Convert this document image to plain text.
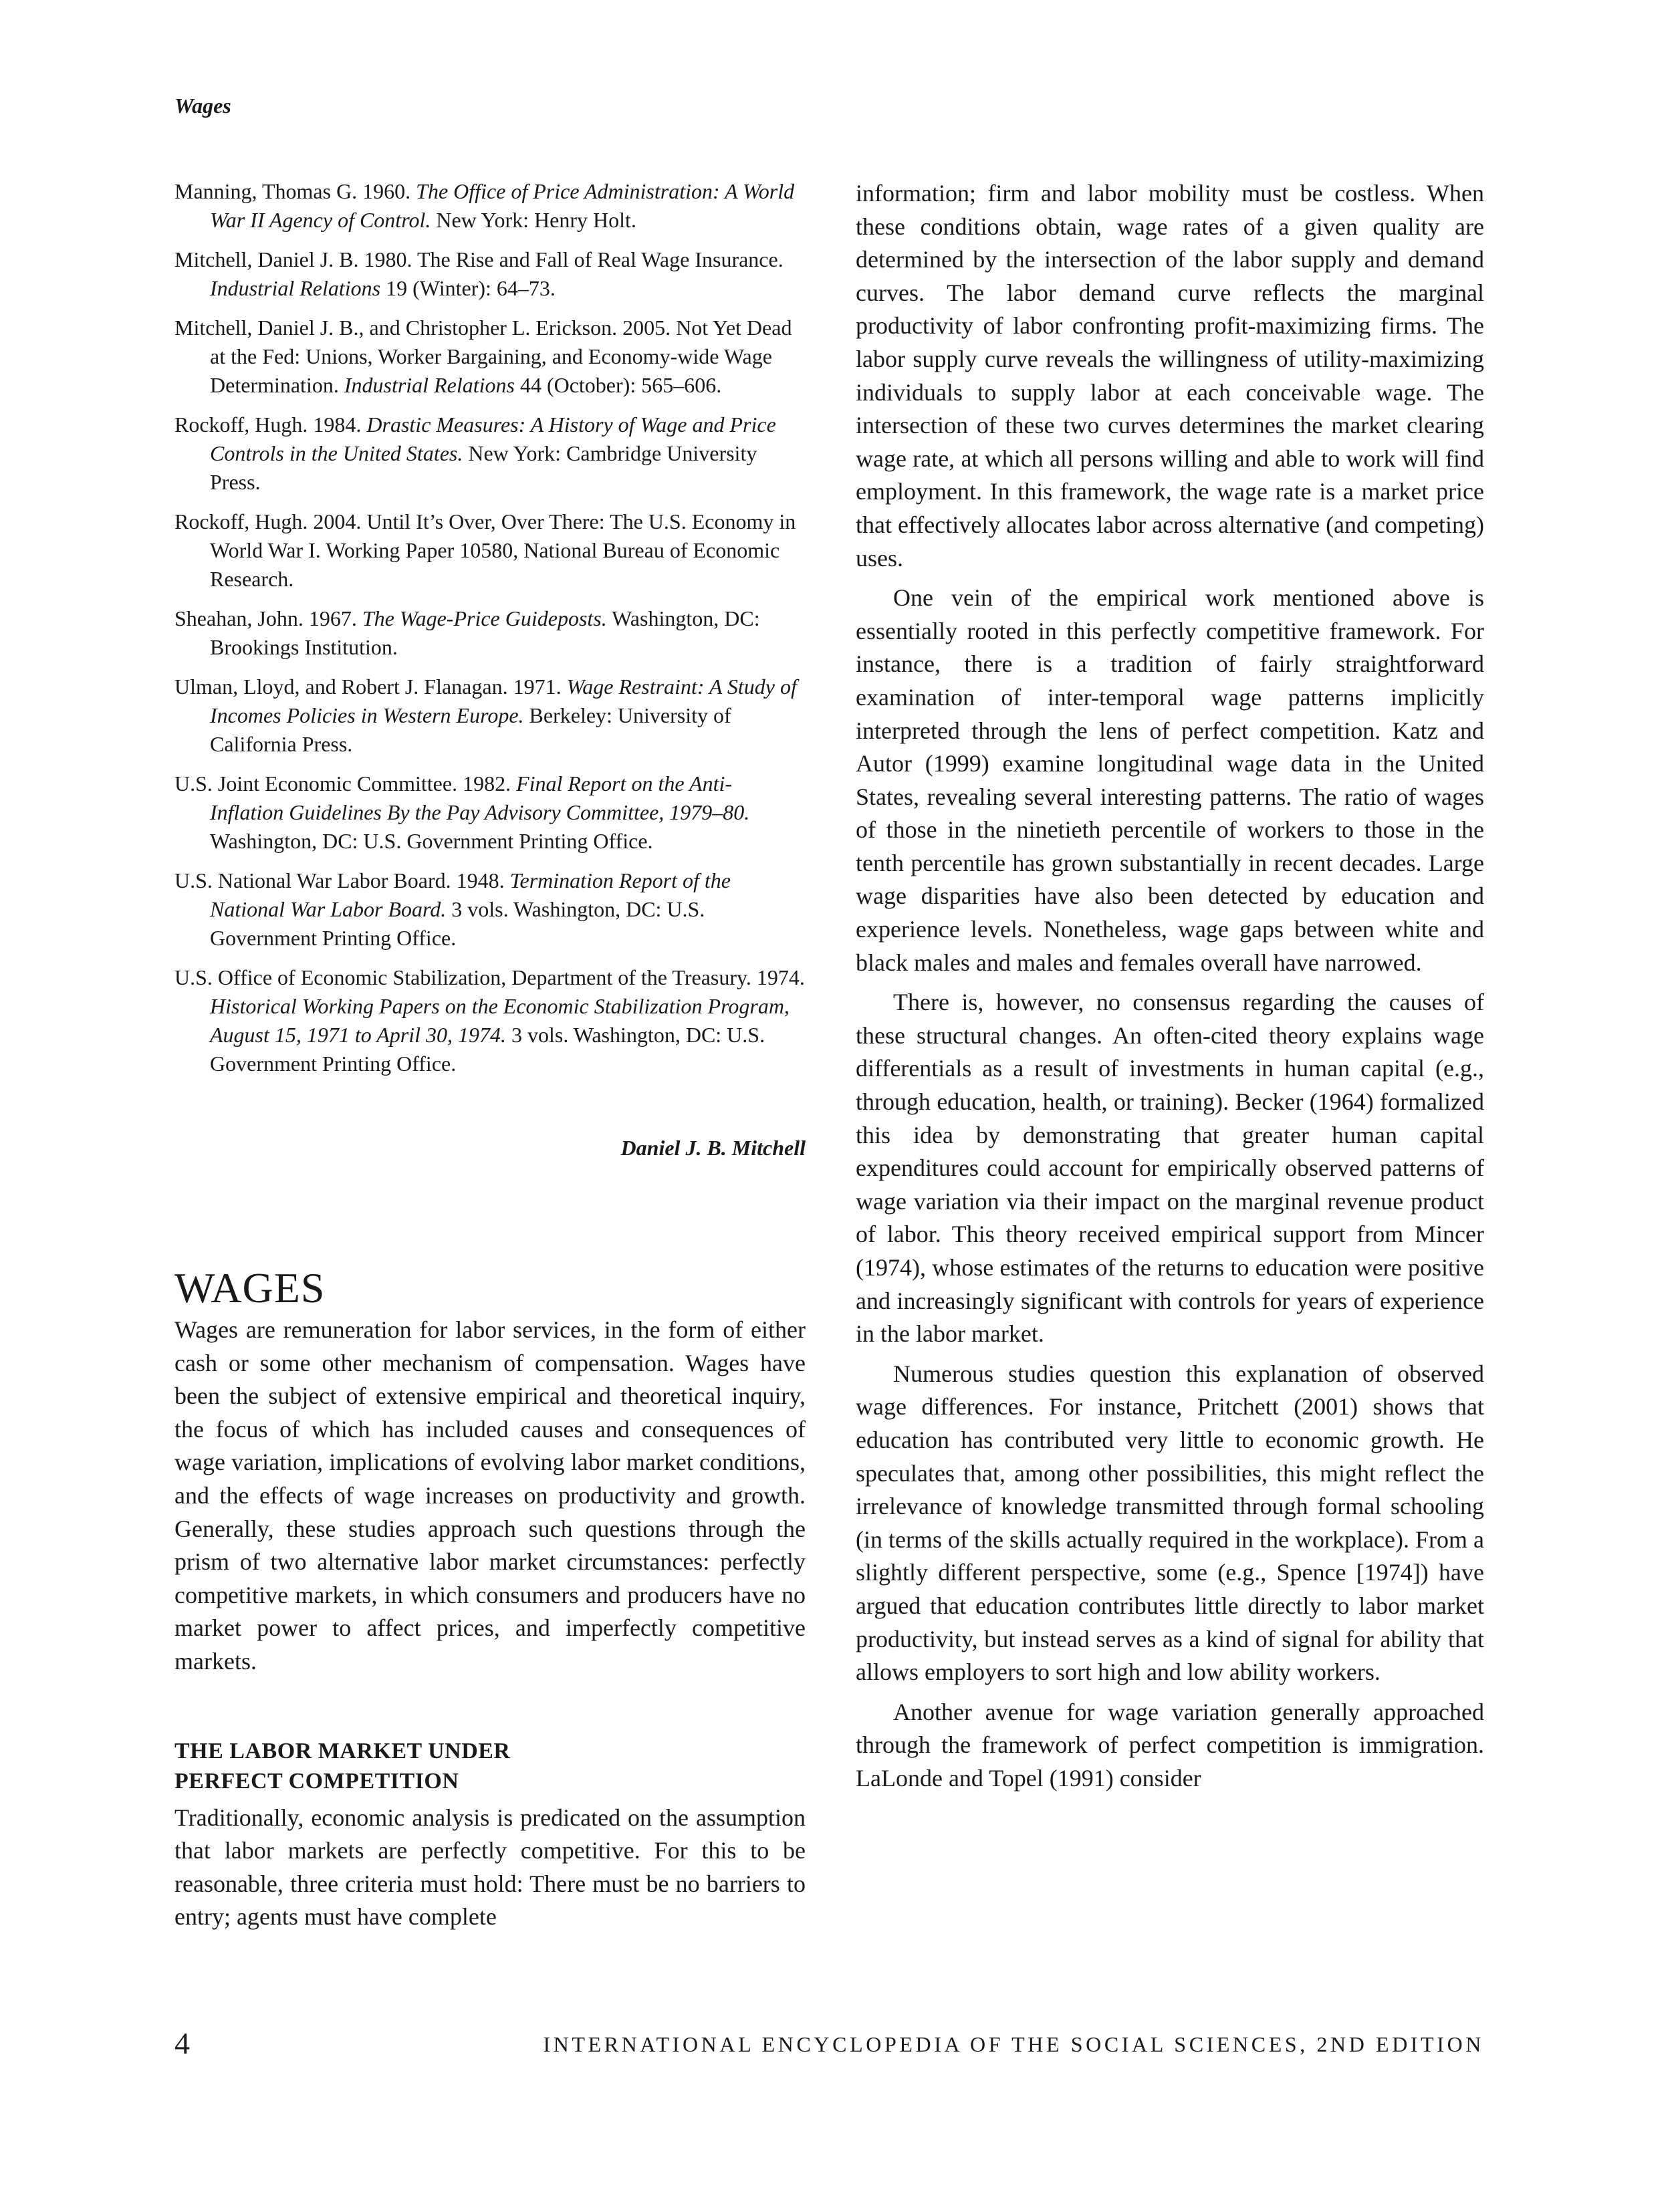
Wages

Manning, Thomas G. 1960. The Office of Price Administration: A World War II Agency of Control. New York: Henry Holt.

Mitchell, Daniel J. B. 1980. The Rise and Fall of Real Wage Insurance. Industrial Relations 19 (Winter): 64–73.

Mitchell, Daniel J. B., and Christopher L. Erickson. 2005. Not Yet Dead at the Fed: Unions, Worker Bargaining, and Economy-wide Wage Determination. Industrial Relations 44 (October): 565–606.

Rockoff, Hugh. 1984. Drastic Measures: A History of Wage and Price Controls in the United States. New York: Cambridge University Press.

Rockoff, Hugh. 2004. Until It’s Over, Over There: The U.S. Economy in World War I. Working Paper 10580, National Bureau of Economic Research.

Sheahan, John. 1967. The Wage-Price Guideposts. Washington, DC: Brookings Institution.

Ulman, Lloyd, and Robert J. Flanagan. 1971. Wage Restraint: A Study of Incomes Policies in Western Europe. Berkeley: University of California Press.

U.S. Joint Economic Committee. 1982. Final Report on the Anti-Inflation Guidelines By the Pay Advisory Committee, 1979–80. Washington, DC: U.S. Government Printing Office.

U.S. National War Labor Board. 1948. Termination Report of the National War Labor Board. 3 vols. Washington, DC: U.S. Government Printing Office.

U.S. Office of Economic Stabilization, Department of the Treasury. 1974. Historical Working Papers on the Economic Stabilization Program, August 15, 1971 to April 30, 1974. 3 vols. Washington, DC: U.S. Government Printing Office.

Daniel J. B. Mitchell

WAGES

Wages are remuneration for labor services, in the form of either cash or some other mechanism of compensation. Wages have been the subject of extensive empirical and theoretical inquiry, the focus of which has included causes and consequences of wage variation, implications of evolving labor market conditions, and the effects of wage increases on productivity and growth. Generally, these studies approach such questions through the prism of two alternative labor market circumstances: perfectly competitive markets, in which consumers and producers have no market power to affect prices, and imperfectly competitive markets.

THE LABOR MARKET UNDER
PERFECT COMPETITION

Traditionally, economic analysis is predicated on the assumption that labor markets are perfectly competitive. For this to be reasonable, three criteria must hold: There must be no barriers to entry; agents must have complete

information; firm and labor mobility must be costless. When these conditions obtain, wage rates of a given quality are determined by the intersection of the labor supply and demand curves. The labor demand curve reflects the marginal productivity of labor confronting profit-maximizing firms. The labor supply curve reveals the willingness of utility-maximizing individuals to supply labor at each conceivable wage. The intersection of these two curves determines the market clearing wage rate, at which all persons willing and able to work will find employment. In this framework, the wage rate is a market price that effectively allocates labor across alternative (and competing) uses.

One vein of the empirical work mentioned above is essentially rooted in this perfectly competitive framework. For instance, there is a tradition of fairly straightforward examination of inter-temporal wage patterns implicitly interpreted through the lens of perfect competition. Katz and Autor (1999) examine longitudinal wage data in the United States, revealing several interesting patterns. The ratio of wages of those in the ninetieth percentile of workers to those in the tenth percentile has grown substantially in recent decades. Large wage disparities have also been detected by education and experience levels. Nonetheless, wage gaps between white and black males and males and females overall have narrowed.

There is, however, no consensus regarding the causes of these structural changes. An often-cited theory explains wage differentials as a result of investments in human capital (e.g., through education, health, or training). Becker (1964) formalized this idea by demonstrating that greater human capital expenditures could account for empirically observed patterns of wage variation via their impact on the marginal revenue product of labor. This theory received empirical support from Mincer (1974), whose estimates of the returns to education were positive and increasingly significant with controls for years of experience in the labor market.

Numerous studies question this explanation of observed wage differences. For instance, Pritchett (2001) shows that education has contributed very little to economic growth. He speculates that, among other possibilities, this might reflect the irrelevance of knowledge transmitted through formal schooling (in terms of the skills actually required in the workplace). From a slightly different perspective, some (e.g., Spence [1974]) have argued that education contributes little directly to labor market productivity, but instead serves as a kind of signal for ability that allows employers to sort high and low ability workers.

Another avenue for wage variation generally approached through the framework of perfect competition is immigration. LaLonde and Topel (1991) consider

4	INTERNATIONAL ENCYCLOPEDIA OF THE SOCIAL SCIENCES, 2ND EDITION
